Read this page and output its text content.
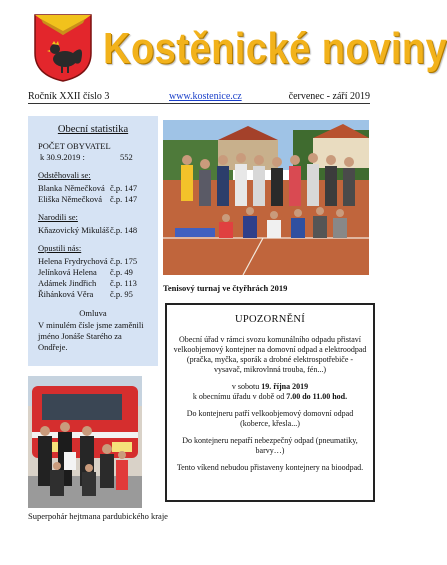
Kostěnické noviny
Ročník XXII číslo 3	www.kostenice.cz	červenec - září 2019
Obecní statistika
POČET OBYVATEL
k 30.9.2019 :	552
Odstěhovali se:
Blanka Němečková č.p. 147
Eliška Němečková č.p. 147
Narodili se:
Kňazovický Mikuláš č.p. 148
Opustili nás:
Helena Frydrychová č.p. 175
Jelínková Helena	č.p. 49
Adámek Jindřich	č.p. 113
Řihánková Věra	č.p. 95
Omluva
V minulém čísle jsme zaměnili jméno Jonáše Starého za Ondřeje.
Tenisový turnaj ve čtyřhrách 2019
UPOZORNĚNÍ

Obecní úřad v rámci svozu komunálního odpadu přistaví velkoobjemový kontejner na domovní odpad a elektroodpad (pračka, myčka, sporák a drobné elektrospotřebiče - vysavač, mikrovlnná trouba, fén...)

v sobotu 19. října 2019
k obecnímu úřadu v době od 7.00 do 11.00 hod.

Do kontejneru patří velkoobjemový domovní odpad (koberce, křesla...)

Do kontejneru nepatří nebezpečný odpad (pneumatiky, barvy…)

Tento víkend nebudou přistaveny kontejnery na bioodpad.

Superpohár hejtmana pardubického kraje
